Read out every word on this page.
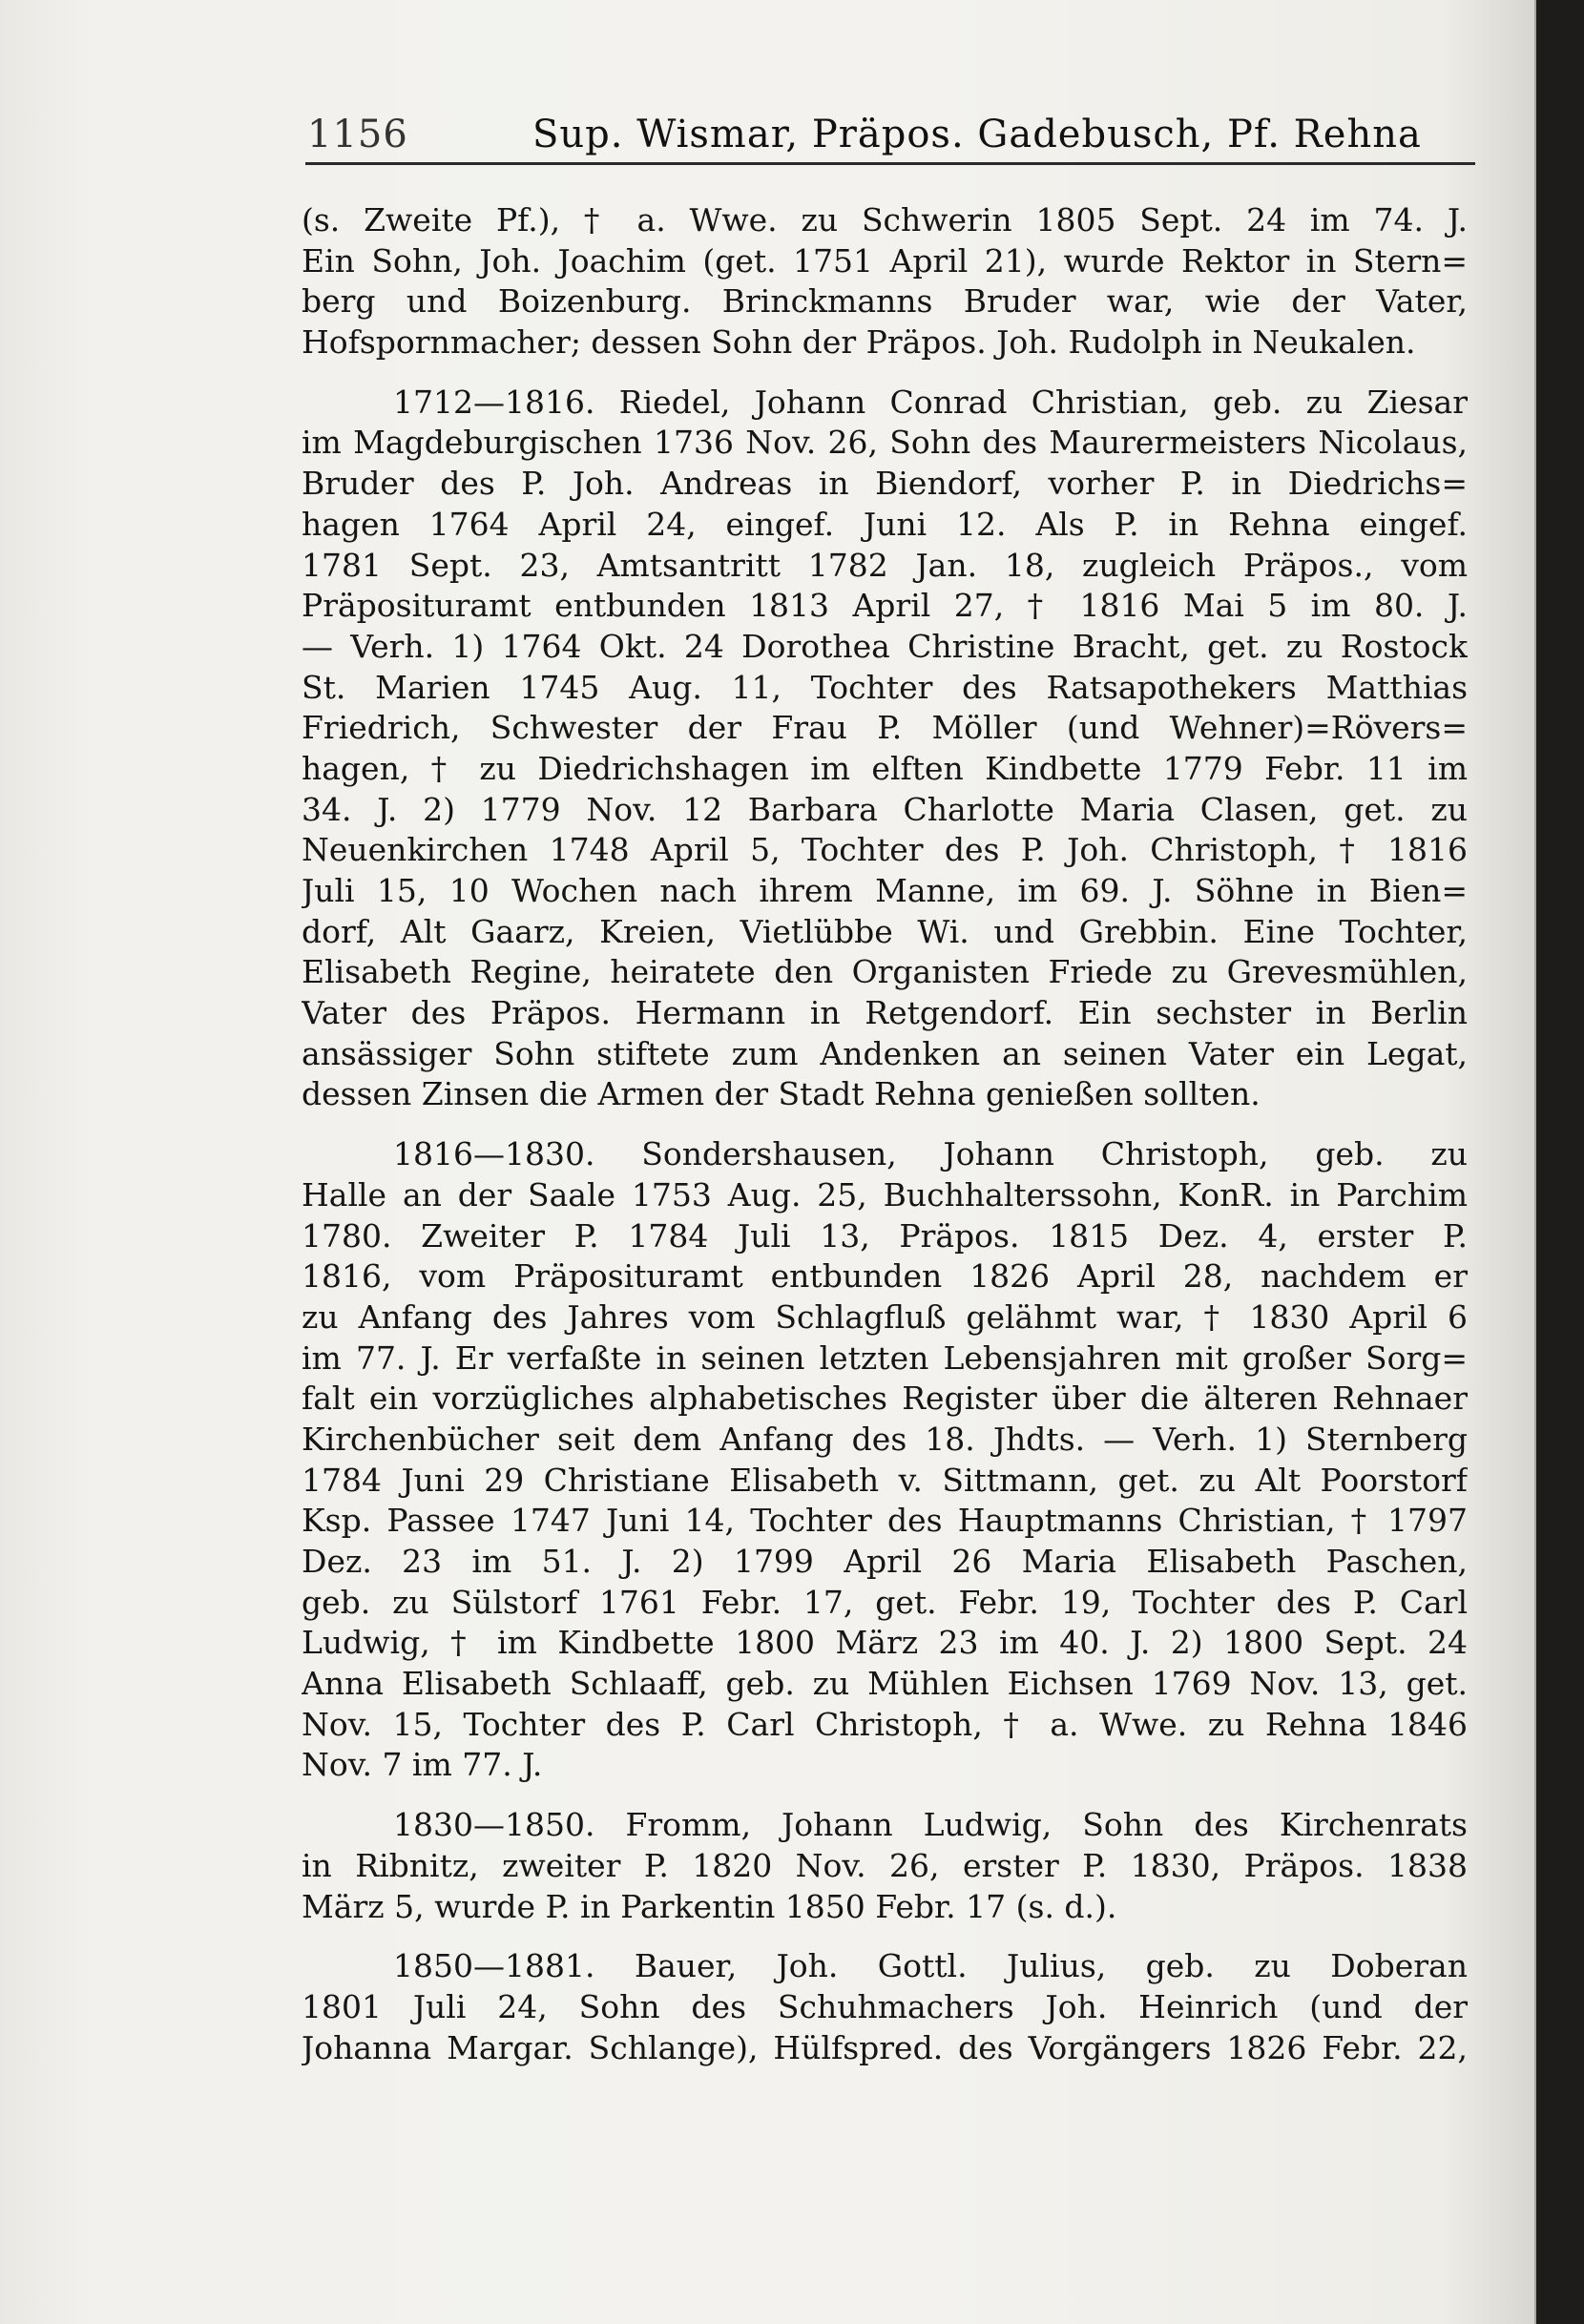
1156	Sup. Wismar, Präpos. Gadebusch, Pf. Rehna
(s. Zweite Pf.), † a. Wwe. zu Schwerin 1805 Sept. 24 im 74. J.
Ein Sohn, Joh. Joachim (get. 1751 April 21), wurde Rektor in Stern=
berg und Boizenburg. Brinckmanns Bruder war, wie der Vater,
Hofspornmacher; dessen Sohn der Präpos. Joh. Rudolph in Neukalen.
1712—1816. Riedel, Johann Conrad Christian, geb. zu Ziesar
im Magdeburgischen 1736 Nov. 26, Sohn des Maurermeisters Nicolaus,
Bruder des P. Joh. Andreas in Biendorf, vorher P. in Diedrichs=
hagen 1764 April 24, eingef. Juni 12. Als P. in Rehna eingef.
1781 Sept. 23, Amtsantritt 1782 Jan. 18, zugleich Präpos., vom
Präposituramt entbunden 1813 April 27, † 1816 Mai 5 im 80. J.
— Verh. 1) 1764 Okt. 24 Dorothea Christine Bracht, get. zu Rostock
St. Marien 1745 Aug. 11, Tochter des Ratsapothekers Matthias
Friedrich, Schwester der Frau P. Möller (und Wehner)=Rövers=
hagen, † zu Diedrichshagen im elften Kindbette 1779 Febr. 11 im
34. J. 2) 1779 Nov. 12 Barbara Charlotte Maria Clasen, get. zu
Neuenkirchen 1748 April 5, Tochter des P. Joh. Christoph, † 1816
Juli 15, 10 Wochen nach ihrem Manne, im 69. J. Söhne in Bien=
dorf, Alt Gaarz, Kreien, Vietlübbe Wi. und Grebbin. Eine Tochter,
Elisabeth Regine, heiratete den Organisten Friede zu Grevesmühlen,
Vater des Präpos. Hermann in Retgendorf. Ein sechster in Berlin
ansässiger Sohn stiftete zum Andenken an seinen Vater ein Legat,
dessen Zinsen die Armen der Stadt Rehna genießen sollten.
1816—1830. Sondershausen, Johann Christoph, geb. zu
Halle an der Saale 1753 Aug. 25, Buchhalterssohn, KonR. in Parchim
1780. Zweiter P. 1784 Juli 13, Präpos. 1815 Dez. 4, erster P.
1816, vom Präposituramt entbunden 1826 April 28, nachdem er
zu Anfang des Jahres vom Schlagfluß gelähmt war, † 1830 April 6
im 77. J. Er verfaßte in seinen letzten Lebensjahren mit großer Sorg=
falt ein vorzügliches alphabetisches Register über die älteren Rehnaer
Kirchenbücher seit dem Anfang des 18. Jhdts. — Verh. 1) Sternberg
1784 Juni 29 Christiane Elisabeth v. Sittmann, get. zu Alt Poorstorf
Ksp. Passee 1747 Juni 14, Tochter des Hauptmanns Christian, † 1797
Dez. 23 im 51. J. 2) 1799 April 26 Maria Elisabeth Paschen,
geb. zu Sülstorf 1761 Febr. 17, get. Febr. 19, Tochter des P. Carl
Ludwig, † im Kindbette 1800 März 23 im 40. J. 2) 1800 Sept. 24
Anna Elisabeth Schlaaff, geb. zu Mühlen Eichsen 1769 Nov. 13, get.
Nov. 15, Tochter des P. Carl Christoph, † a. Wwe. zu Rehna 1846
Nov. 7 im 77. J.
1830—1850. Fromm, Johann Ludwig, Sohn des Kirchenrats
in Ribnitz, zweiter P. 1820 Nov. 26, erster P. 1830, Präpos. 1838
März 5, wurde P. in Parkentin 1850 Febr. 17 (s. d.).
1850—1881. Bauer, Joh. Gottl. Julius, geb. zu Doberan
1801 Juli 24, Sohn des Schuhmachers Joh. Heinrich (und der
Johanna Margar. Schlange), Hülfspred. des Vorgängers 1826 Febr. 22,
